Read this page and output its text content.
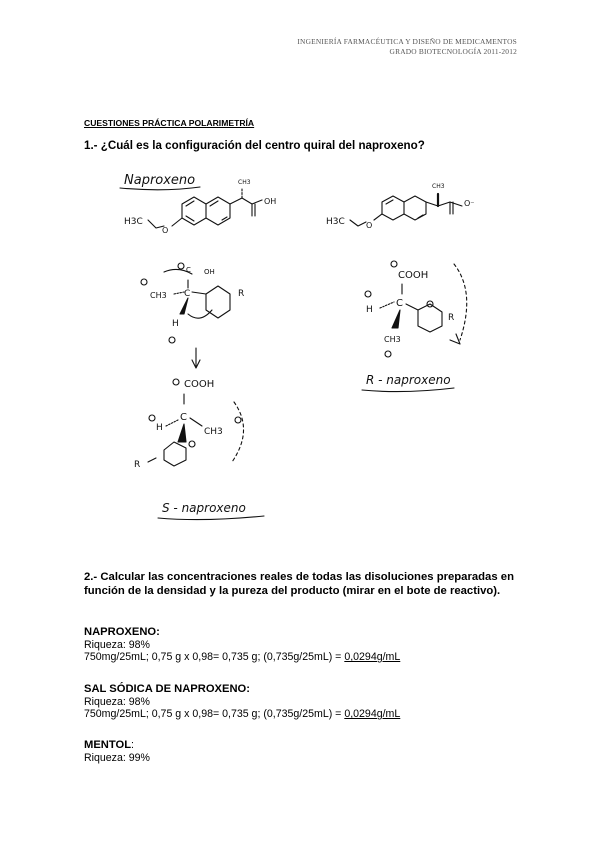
INGENIERÍA FARMACÉUTICA Y DISEÑO DE MEDICAMENTOS
GRADO BIOTECNOLOGÍA 2011-2012
CUESTIONES PRÁCTICA POLARIMETRÍA
1.- ¿Cuál es la configuración del centro quiral del naproxeno?
Naproxeno
H3C
O
CH3
OH
H3C	O
CH3
O⁻
OH
C
CH3 C	R
H
COOH
H
C
CH3
R
S - naproxeno
COOH
H
C
R
CH3
R - naproxeno
2.- Calcular las concentraciones reales de todas las disoluciones preparadas en función de la densidad y la pureza del producto (mirar en el bote de reactivo).
NAPROXENO:
Riqueza: 98%
750mg/25mL; 0,75 g x 0,98= 0,735 g; (0,735g/25mL) = 0,0294g/mL
SAL SÓDICA DE NAPROXENO:
Riqueza: 98%
750mg/25mL; 0,75 g x 0,98= 0,735 g; (0,735g/25mL) = 0,0294g/mL
MENTOL:
Riqueza: 99%
